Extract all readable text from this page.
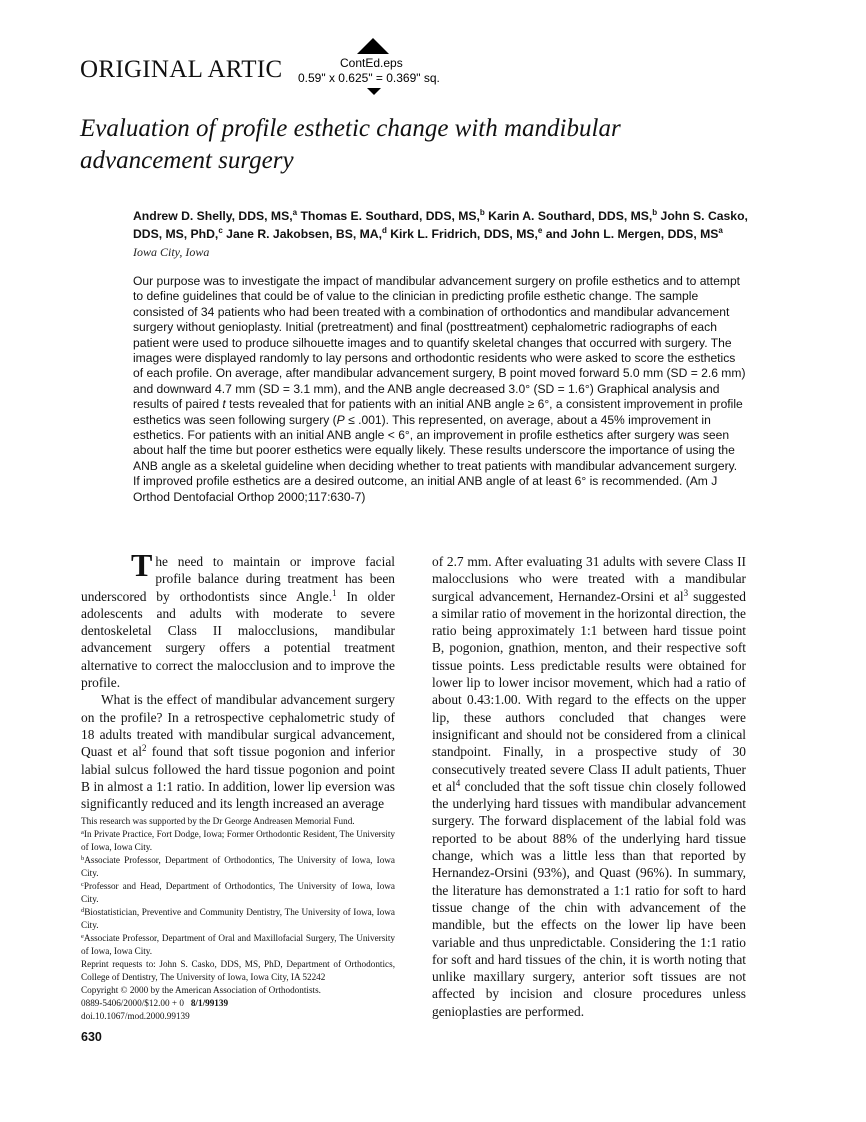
ORIGINAL ARTIC	ContEd.eps
0.59" x 0.625" = 0.369" sq.
Evaluation of profile esthetic change with mandibular advancement surgery
Andrew D. Shelly, DDS, MS,$^a$ Thomas E. Southard, DDS, MS,$^b$ Karin A. Southard, DDS, MS,$^b$ John S. Casko, DDS, MS, PhD,$^c$ Jane R. Jakobsen, BS, MA,$^d$ Kirk L. Fridrich, DDS, MS,$^e$ and John L. Mergen, DDS, $MS^a$
Iowa City, Iowa
Our purpose was to investigate the impact of mandibular advancement surgery on profile esthetics and to attempt to define guidelines that could be of value to the clinician in predicting profile esthetic change. The sample consisted of 34 patients who had been treated with a combination of orthodontics and mandibular advancement surgery without genioplasty. Initial (pretreatment) and final (posttreatment) cephalometric radiographs of each patient were used to produce silhouette images and to quantify skeletal changes that occurred with surgery. The images were displayed randomly to lay persons and orthodontic residents who were asked to score the esthetics of each profile. On average, after mandibular advancement surgery, B point moved forward 5.0 mm (SD = 2.6 mm) and downward 4.7 mm (SD = 3.1 mm), and the ANB angle decreased 3.0° (SD = 1.6°) Graphical analysis and results of paired t tests revealed that for patients with an initial ANB angle ≥ 6°, a consistent improvement in profile esthetics was seen following surgery (P ≤ .001). This represented, on average, about a 45% improvement in esthetics. For patients with an initial ANB angle < 6°, an improvement in profile esthetics after surgery was seen about half the time but poorer esthetics were equally likely. These results underscore the importance of using the ANB angle as a skeletal guideline when deciding whether to treat patients with mandibular advancement surgery. If improved profile esthetics are a desired outcome, an initial ANB angle of at least 6° is recommended. (Am J Orthod Dentofacial Orthop 2000;117:630-7)

The need to maintain or improve facial profile balance during treatment has been underscored by orthodontists since Angle.$^1$ In older adolescents and adults with moderate to severe dentoskeletal Class II malocclusions, mandibular advancement surgery offers a potential treatment alternative to correct the malocclusion and to improve the profile.

What is the effect of mandibular advancement surgery on the profile? In a retrospective cephalometric study of 18 adults treated with mandibular surgical advancement, Quast et $al^2$ found that soft tissue pogonion and inferior labial sulcus followed the hard tissue pogonion and point B in almost a 1:1 ratio. In addition, lower lip eversion was significantly reduced and its length increased an average

of 2.7 mm. After evaluating 31 adults with severe Class II malocclusions who were treated with a mandibular surgical advancement, Hernandez-Orsini et $al^3$ suggested a similar ratio of movement in the horizontal direction, the ratio being approximately 1:1 between hard tissue point B, pogonion, gnathion, menton, and their respective soft tissue points. Less predictable results were obtained for lower lip to lower incisor movement, which had a ratio of about 0.43:1.00. With regard to the effects on the upper lip, these authors concluded that changes were insignificant and should not be considered from a clinical standpoint. Finally, in a prospective study of 30 consecutively treated severe Class II adult patients, Thuer et $al^4$ concluded that the soft tissue chin closely followed the underlying hard tissues with mandibular advancement surgery. The forward displacement of the labial fold was reported to be about 88% of the underlying hard tissue change, which was a little less than that reported by Hernandez-Orsini (93%), and Quast (96%). In summary, the literature has demonstrated a 1:1 ratio for soft to hard tissue change of the chin with advancement of the mandible, but the effects on the lower lip have been variable and thus unpredictable. Considering the 1:1 ratio for soft and hard tissues of the chin, it is worth noting that unlike maxillary surgery, anterior soft tissues are not affected by incision and closure procedures unless genioplasties are performed.

This research was supported by the Dr George Andreasen Memorial Fund.
$^a$In Private Practice, Fort Dodge, Iowa; Former Orthodontic Resident, The University of Iowa, Iowa City.
$^b$Associate Professor, Department of Orthodontics, The University of Iowa, Iowa City.
$^c$Professor and Head, Department of Orthodontics, The University of Iowa, Iowa City.
$^d$Biostatistician, Preventive and Community Dentistry, The University of Iowa, Iowa City.
$^e$Associate Professor, Department of Oral and Maxillofacial Surgery, The University of Iowa, Iowa City.
Reprint requests to: John S. Casko, DDS, MS, PhD, Department of Orthodontics, College of Dentistry, The University of Iowa, Iowa City, IA 52242
Copyright © 2000 by the American Association of Orthodontists.
0889-5406/2000/$12.00 + 0 8/1/99139
doi.10.1067/mod.2000.99139
630
